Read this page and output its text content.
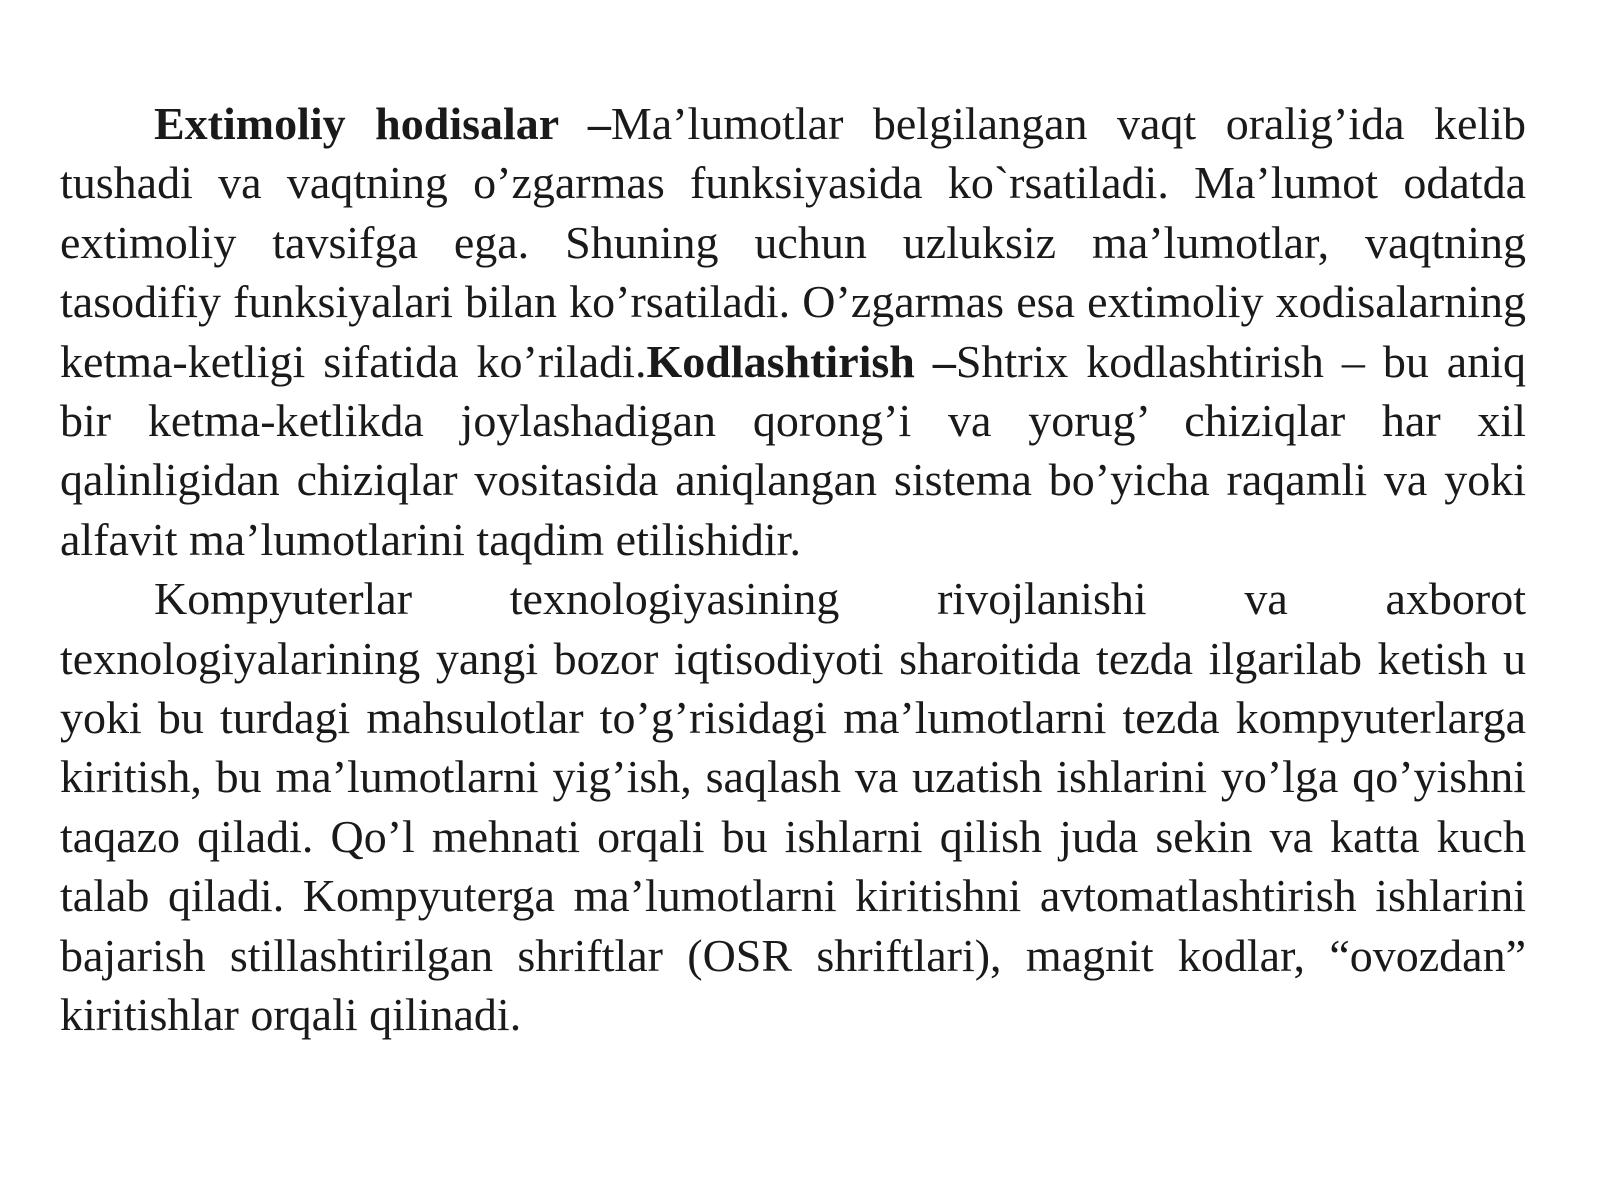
Extimoliy hodisalar –Ma’lumotlar belgilangan vaqt oralig’ida kelib tushadi va vaqtning o’zgarmas funksiyasida ko`rsatiladi. Ma’lumot odatda extimoliy tavsifga ega. Shuning uchun uzluksiz ma’lumotlar, vaqtning tasodifiy funksiyalari bilan ko’rsatiladi. O’zgarmas esa extimoliy xodisalarning ketma-ketligi sifatida ko’riladi.Kodlashtirish –Shtrix kodlashtirish – bu aniq bir ketma-ketlikda joylashadigan qorong’i va yorug’ chiziqlar har xil qalinligidan chiziqlar vositasida aniqlangan sistema bo’yicha raqamli va yoki alfavit ma’lumotlarini taqdim etilishidir.

Kompyuterlar texnologiyasining rivojlanishi va axborot texnologiyalarining yangi bozor iqtisodiyoti sharoitida tezda ilgarilab ketish u yoki bu turdagi mahsulotlar to’g’risidagi ma’lumotlarni tezda kompyuterlarga kiritish, bu ma’lumotlarni yig’ish, saqlash va uzatish ishlarini yo’lga qo’yishni taqazo qiladi. Qo’l mehnati orqali bu ishlarni qilish juda sekin va katta kuch talab qiladi. Kompyuterga ma’lumotlarni kiritishni avtomatlashtirish ishlarini bajarish stillashtirilgan shriftlar (OSR shriftlari), magnit kodlar, “ovozdan” kiritishlar orqali qilinadi.
